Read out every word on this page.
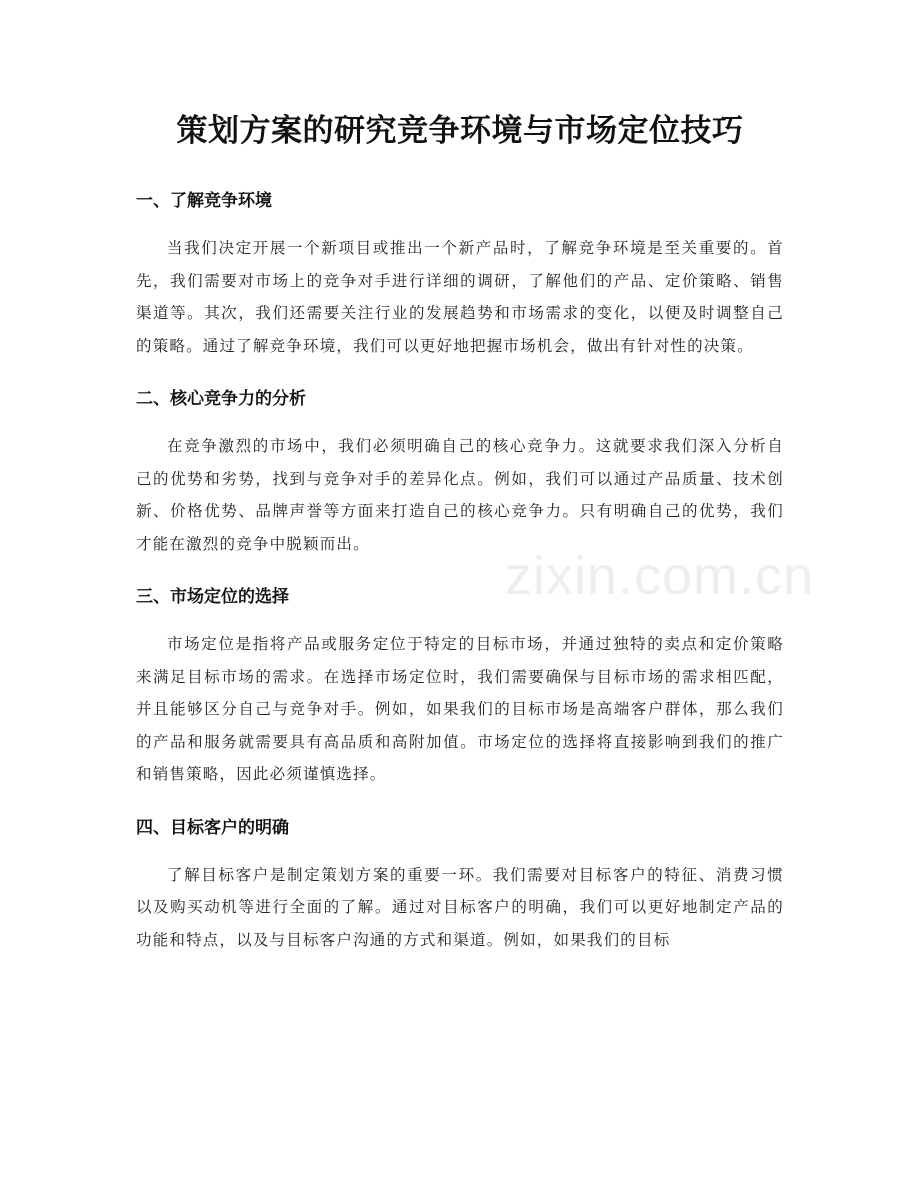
策划方案的研究竞争环境与市场定位技巧
一、了解竞争环境

当我们决定开展一个新项目或推出一个新产品时，了解竞争环境是至关重要的。首先，我们需要对市场上的竞争对手进行详细的调研，了解他们的产品、定价策略、销售渠道等。其次，我们还需要关注行业的发展趋势和市场需求的变化，以便及时调整自己的策略。通过了解竞争环境，我们可以更好地把握市场机会，做出有针对性的决策。

二、核心竞争力的分析

在竞争激烈的市场中，我们必须明确自己的核心竞争力。这就要求我们深入分析自己的优势和劣势，找到与竞争对手的差异化点。例如，我们可以通过产品质量、技术创新、价格优势、品牌声誉等方面来打造自己的核心竞争力。只有明确自己的优势，我们才能在激烈的竞争中脱颖而出。

三、市场定位的选择

市场定位是指将产品或服务定位于特定的目标市场，并通过独特的卖点和定价策略来满足目标市场的需求。在选择市场定位时，我们需要确保与目标市场的需求相匹配，并且能够区分自己与竞争对手。例如，如果我们的目标市场是高端客户群体，那么我们的产品和服务就需要具有高品质和高附加值。市场定位的选择将直接影响到我们的推广和销售策略，因此必须谨慎选择。

四、目标客户的明确

了解目标客户是制定策划方案的重要一环。我们需要对目标客户的特征、消费习惯以及购买动机等进行全面的了解。通过对目标客户的明确，我们可以更好地制定产品的功能和特点，以及与目标客户沟通的方式和渠道。例如，如果我们的目标

zixin.com.cn
